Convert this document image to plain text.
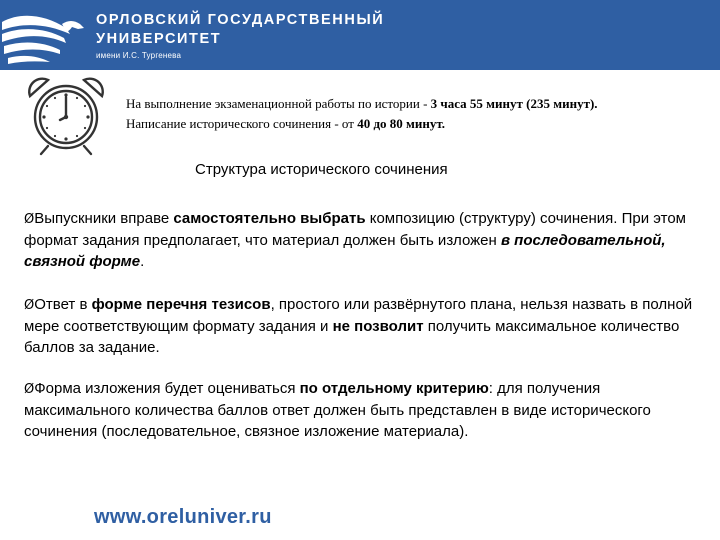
ОРЛОВСКИЙ ГОСУДАРСТВЕННЫЙ
УНИВЕРСИТЕТ
имени И.С. Тургенева
На выполнение экзаменационной работы по истории - 3 часа 55 минут (235 минут).
Написание исторического сочинения - от 40 до 80 минут.
Структура исторического сочинения

ØВыпускники вправе самостоятельно выбрать композицию (структуру) сочинения. При этом формат задания предполагает, что материал должен быть изложен в последовательной, связной форме.

ØОтвет в форме перечня тезисов, простого или развёрнутого плана, нельзя назвать в полной мере соответствующим формату задания и не позволит получить максимальное количество баллов за задание.

ØФорма изложения будет оцениваться по отдельному критерию: для получения максимального количества баллов ответ должен быть представлен в виде исторического сочинения (последовательное, связное изложение материала).

www.oreluniver.ru
